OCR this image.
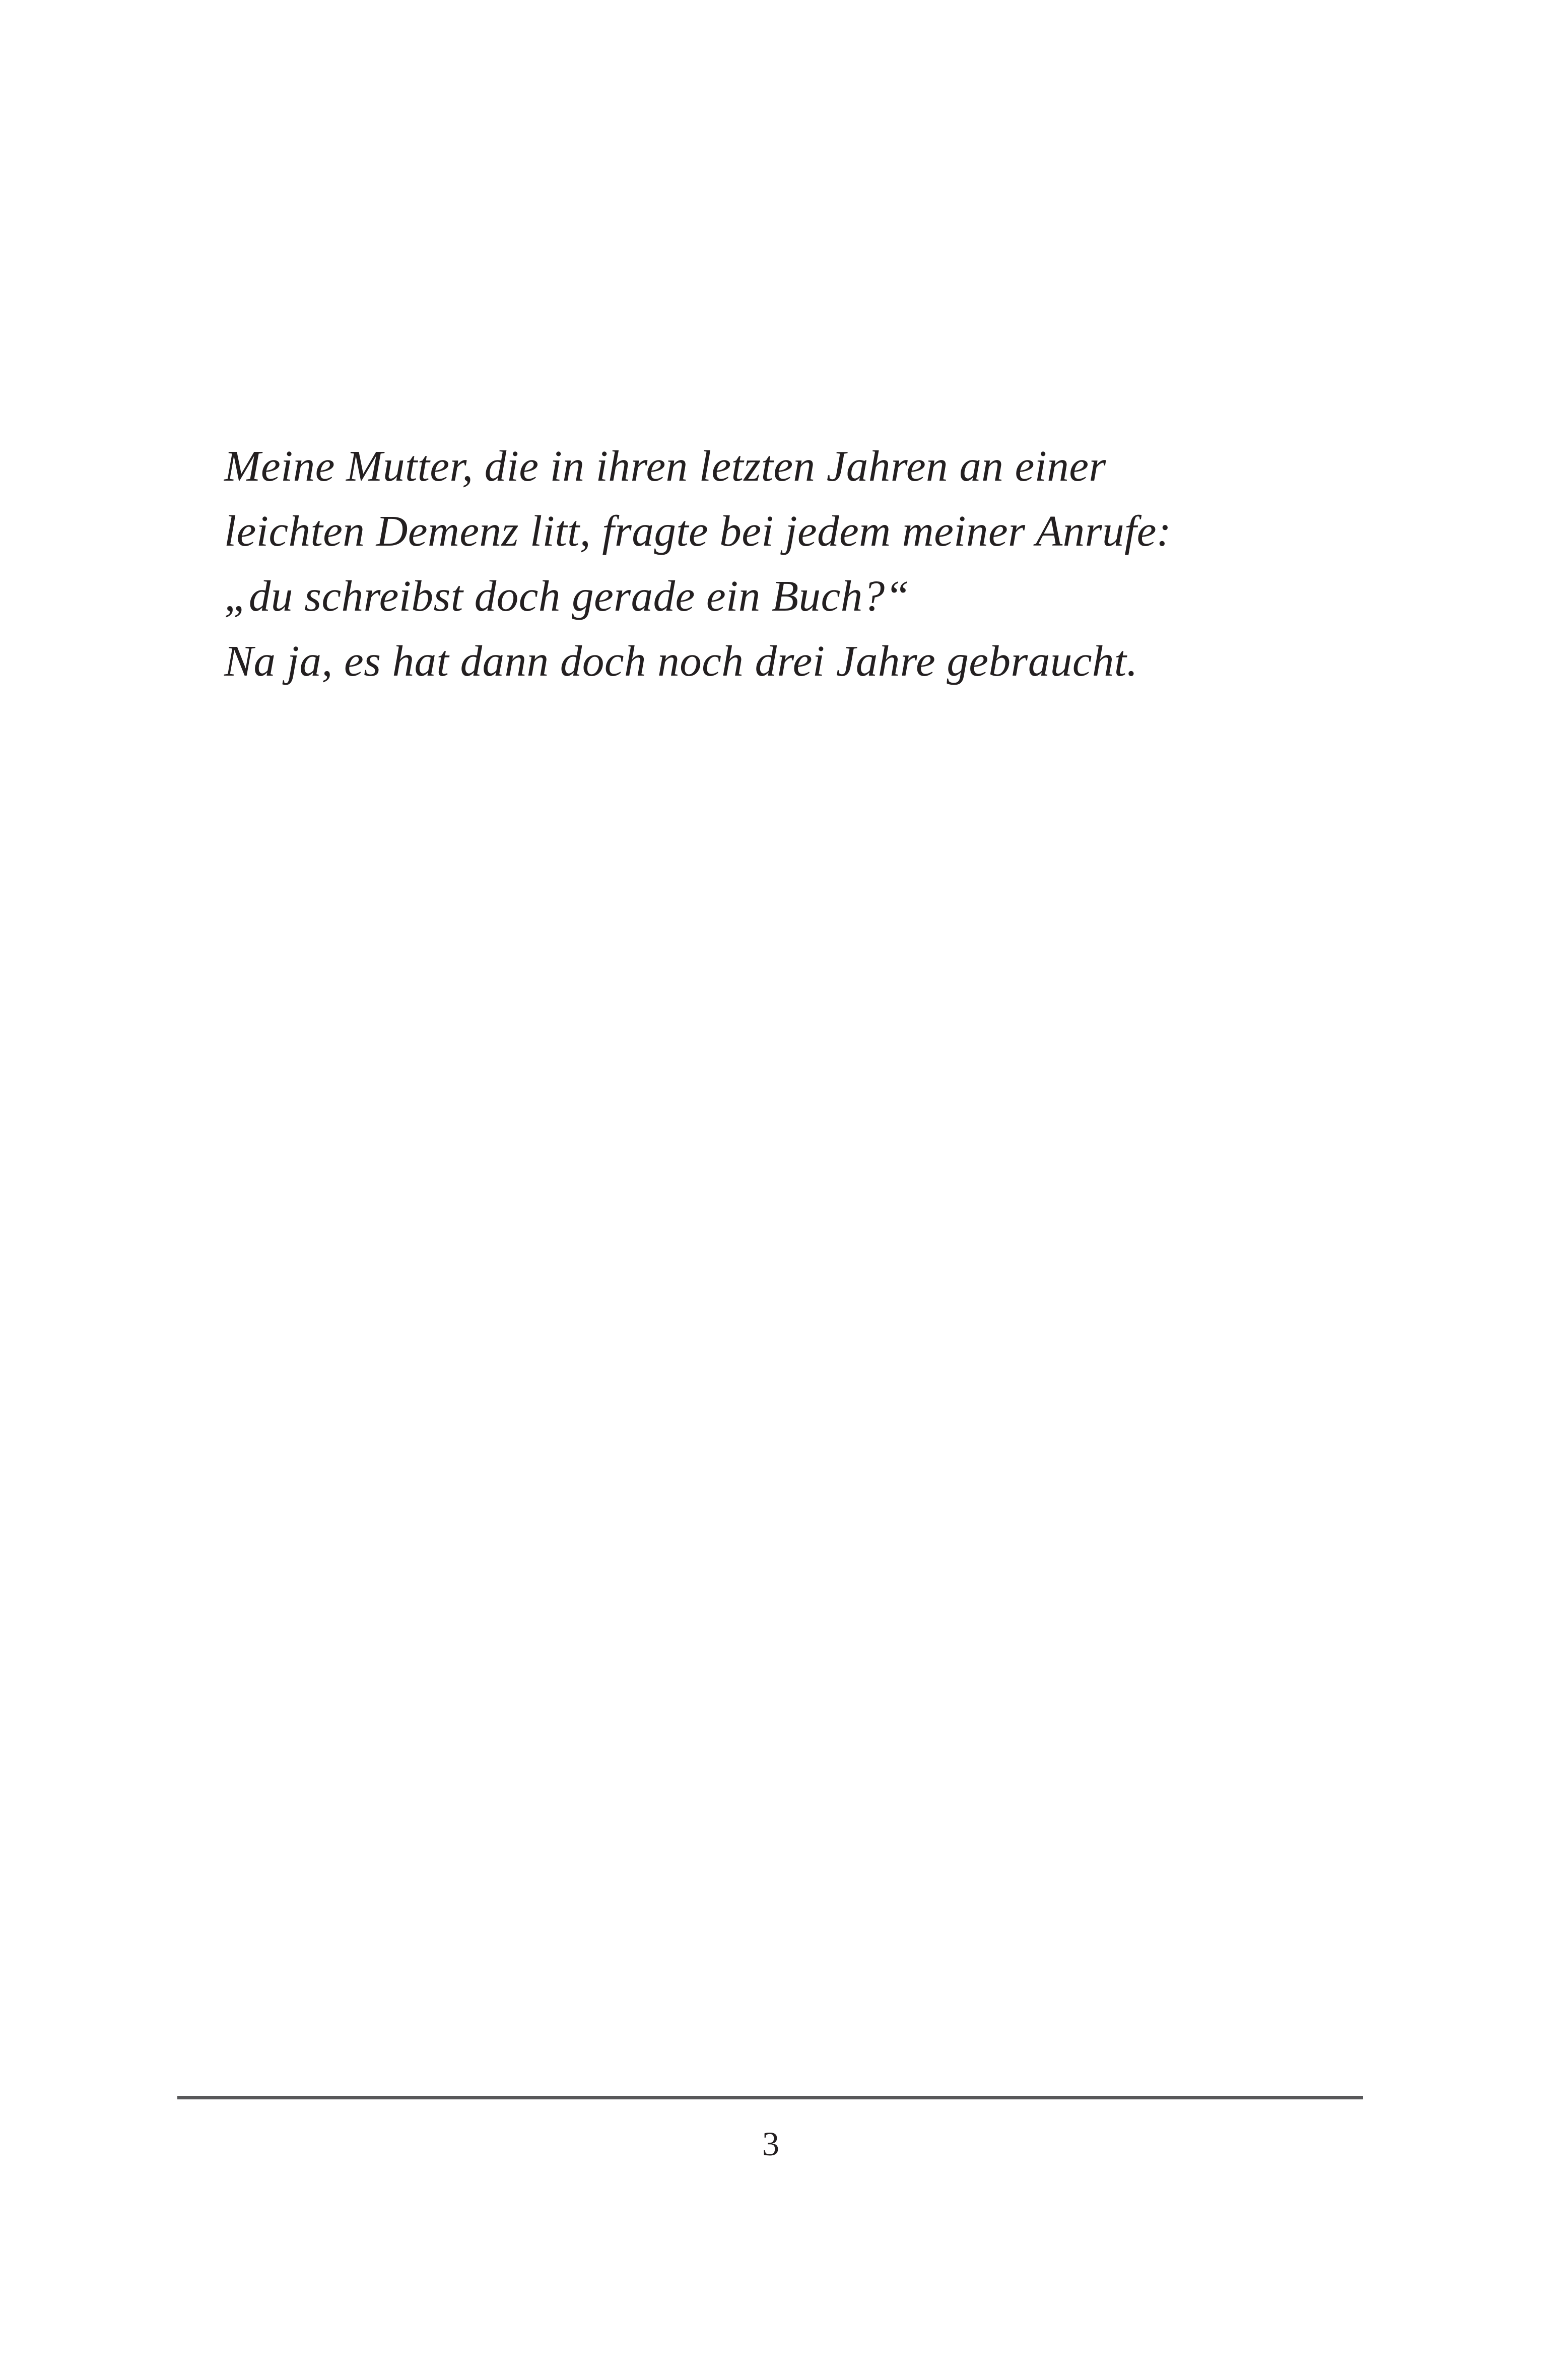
Meine Mutter, die in ihren letzten Jahren an einer
leichten Demenz litt, fragte bei jedem meiner Anrufe:
„du schreibst doch gerade ein Buch?“
Na ja, es hat dann doch noch drei Jahre gebraucht.

3
